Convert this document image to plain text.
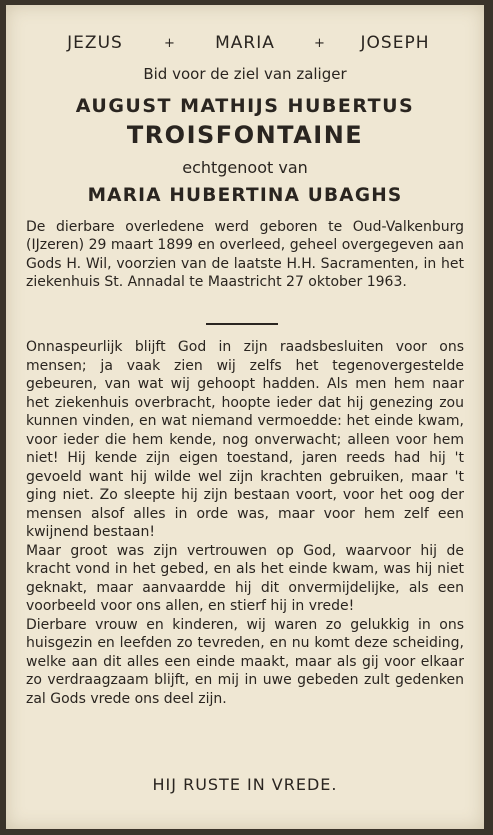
JEZUS	+	MARIA	+	JOSEPH
Bid voor de ziel van zaliger
AUGUST MATHIJS HUBERTUS
TROISFONTAINE
echtgenoot van
MARIA HUBERTINA UBAGHS

De dierbare overledene werd geboren te Oud-Valkenburg (IJzeren) 29 maart 1899 en overleed, geheel overgegeven aan Gods H. Wil, voorzien van de laatste H.H. Sacramenten, in het ziekenhuis St. Annadal te Maastricht 27 oktober 1963.

Onnaspeurlijk blijft God in zijn raadsbesluiten voor ons mensen; ja vaak zien wij zelfs het tegenovergestelde gebeuren, van wat wij gehoopt hadden. Als men hem naar het ziekenhuis overbracht, hoopte ieder dat hij genezing zou kunnen vinden, en wat niemand vermoedde: het einde kwam, voor ieder die hem kende, nog onverwacht; alleen voor hem niet! Hij kende zijn eigen toestand, jaren reeds had hij 't gevoeld want hij wilde wel zijn krachten gebruiken, maar 't ging niet. Zo sleepte hij zijn bestaan voort, voor het oog der mensen alsof alles in orde was, maar voor hem zelf een kwijnend bestaan!

Maar groot was zijn vertrouwen op God, waarvoor hij de kracht vond in het gebed, en als het einde kwam, was hij niet geknakt, maar aanvaardde hij dit onvermijdelijke, als een voorbeeld voor ons allen, en stierf hij in vrede!

Dierbare vrouw en kinderen, wij waren zo gelukkig in ons huisgezin en leefden zo tevreden, en nu komt deze scheiding, welke aan dit alles een einde maakt, maar als gij voor elkaar zo verdraagzaam blijft, en mij in uwe gebeden zult gedenken zal Gods vrede ons deel zijn.

HIJ RUSTE IN VREDE.
